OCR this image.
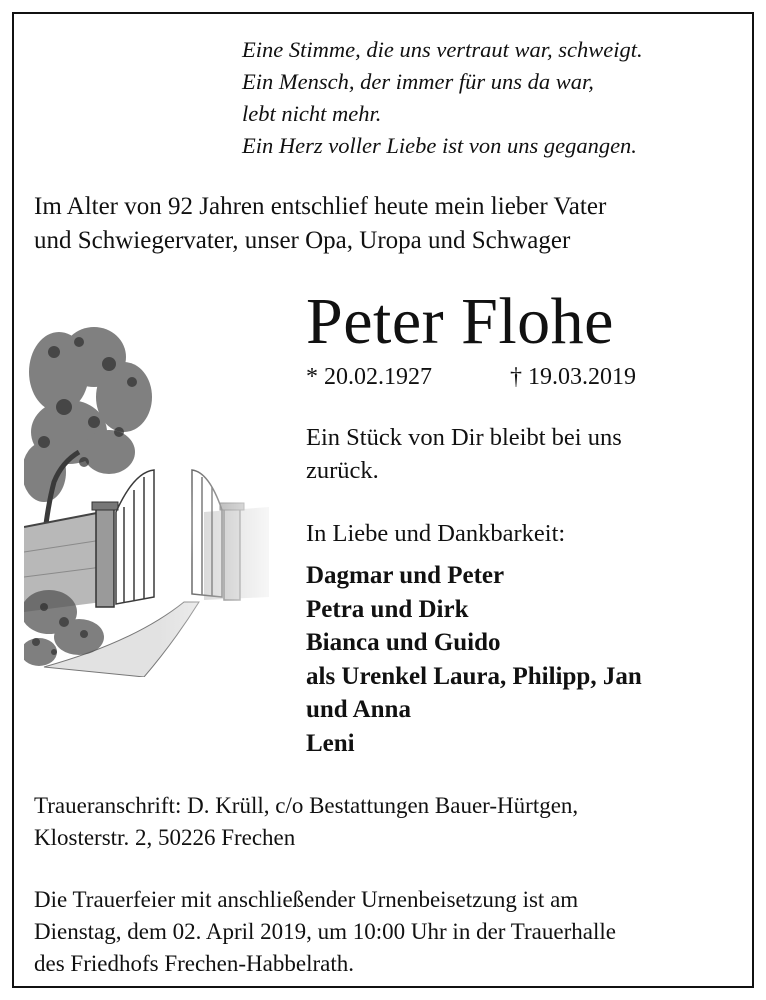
Eine Stimme, die uns vertraut war, schweigt.
Ein Mensch, der immer für uns da war,
lebt nicht mehr.
Ein Herz voller Liebe ist von uns gegangen.
Im Alter von 92 Jahren entschlief heute mein lieber Vater
und Schwiegervater, unser Opa, Uropa und Schwager
Peter Flohe
* 20.02.1927	† 19.03.2019
Ein Stück von Dir bleibt bei uns
zurück.
In Liebe und Dankbarkeit:
Dagmar und Peter
Petra und Dirk
Bianca und Guido
als Urenkel Laura, Philipp, Jan
und Anna
Leni
Traueranschrift: D. Krüll, c/o Bestattungen Bauer-Hürtgen,
Klosterstr. 2, 50226 Frechen
Die Trauerfeier mit anschließender Urnenbeisetzung ist am
Dienstag, dem 02. April 2019, um 10:00 Uhr in der Trauerhalle
des Friedhofs Frechen-Habbelrath.
